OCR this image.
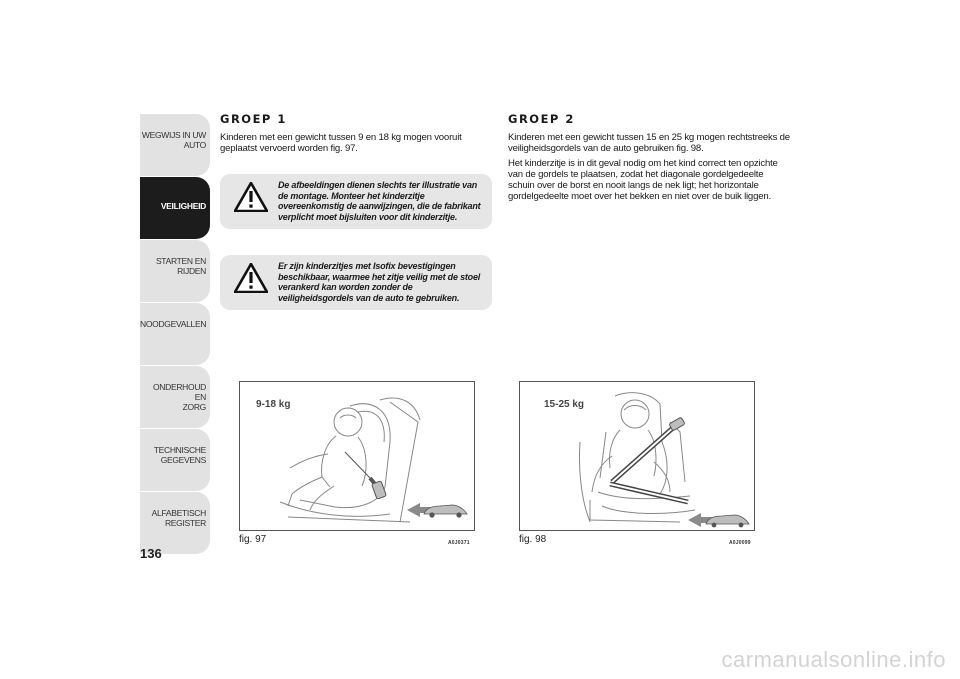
WEGWIJS IN UW
AUTO
VEILIGHEID
STARTEN EN RIJDEN
NOODGEVALLEN
ONDERHOUD EN
ZORG
TECHNISCHE
GEGEVENS
ALFABETISCH
REGISTER
136
GROEP 1

Kinderen met een gewicht tussen 9 en 18 kg mogen vooruit geplaatst vervoerd worden fig. 97.

De afbeeldingen dienen slechts ter illustratie van de montage. Monteer het kinderzitje overeenkomstig de aanwijzingen, die de fabrikant verplicht moet bijsluiten voor dit kinderzitje.
Er zijn kinderzitjes met Isofix bevestigingen beschikbaar, waarmee het zitje veilig met de stoel verankerd kan worden zonder de veiligheidsgordels van de auto te gebruiken.
GROEP 2

Kinderen met een gewicht tussen 15 en 25 kg mogen rechtstreeks de veiligheidsgordels van de auto gebruiken fig. 98.

Het kinderzitje is in dit geval nodig om het kind correct ten opzichte van de gordels te plaatsen, zodat het diagonale gordelgedeelte schuin over de borst en nooit langs de nek ligt; het horizontale gordelgedeelte moet over het bekken en niet over de buik liggen.

9-18 kg
fig. 97	A0J0371
15-25 kg
fig. 98	A0J0099
carmanualsonline.info
